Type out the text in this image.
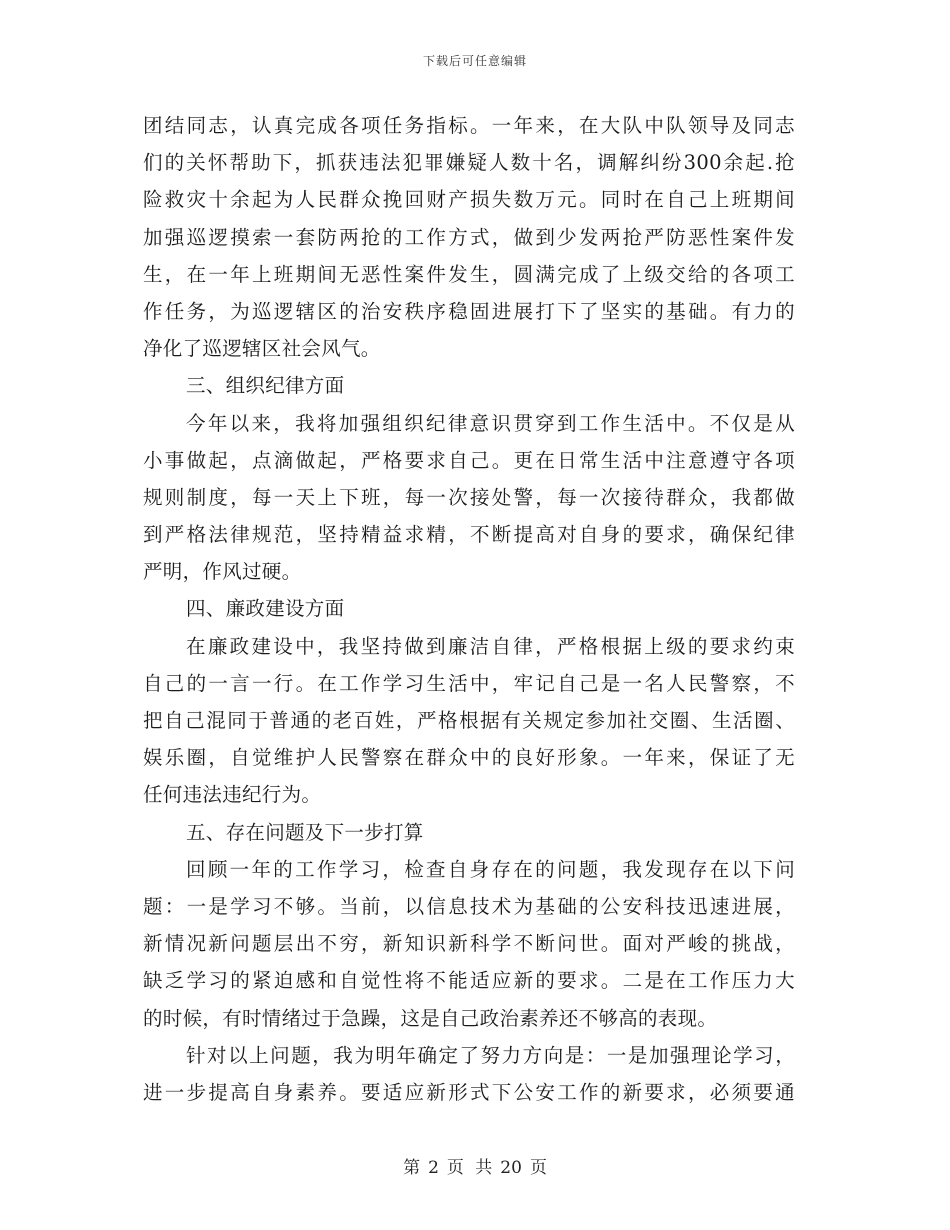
下载后可任意编辑
团结同志，认真完成各项任务指标。一年来，在大队中队领导及同志
们的关怀帮助下，抓获违法犯罪嫌疑人数十名，调解纠纷300余起.抢
险救灾十余起为人民群众挽回财产损失数万元。同时在自己上班期间
加强巡逻摸索一套防两抢的工作方式，做到少发两抢严防恶性案件发
生，在一年上班期间无恶性案件发生，圆满完成了上级交给的各项工
作任务，为巡逻辖区的治安秩序稳固进展打下了坚实的基础。有力的
净化了巡逻辖区社会风气。
三、组织纪律方面
今年以来，我将加强组织纪律意识贯穿到工作生活中。不仅是从
小事做起，点滴做起，严格要求自己。更在日常生活中注意遵守各项
规则制度，每一天上下班，每一次接处警，每一次接待群众，我都做
到严格法律规范，坚持精益求精，不断提高对自身的要求，确保纪律
严明，作风过硬。
四、廉政建设方面
在廉政建设中，我坚持做到廉洁自律，严格根据上级的要求约束
自己的一言一行。在工作学习生活中，牢记自己是一名人民警察，不
把自己混同于普通的老百姓，严格根据有关规定参加社交圈、生活圈、
娱乐圈，自觉维护人民警察在群众中的良好形象。一年来，保证了无
任何违法违纪行为。
五、存在问题及下一步打算
回顾一年的工作学习，检查自身存在的问题，我发现存在以下问
题：一是学习不够。当前，以信息技术为基础的公安科技迅速进展，
新情况新问题层出不穷，新知识新科学不断问世。面对严峻的挑战，
缺乏学习的紧迫感和自觉性将不能适应新的要求。二是在工作压力大
的时候，有时情绪过于急躁，这是自己政治素养还不够高的表现。
针对以上问题，我为明年确定了努力方向是：一是加强理论学习，
进一步提高自身素养。要适应新形式下公安工作的新要求，必须要通
第 2 页 共 20 页
